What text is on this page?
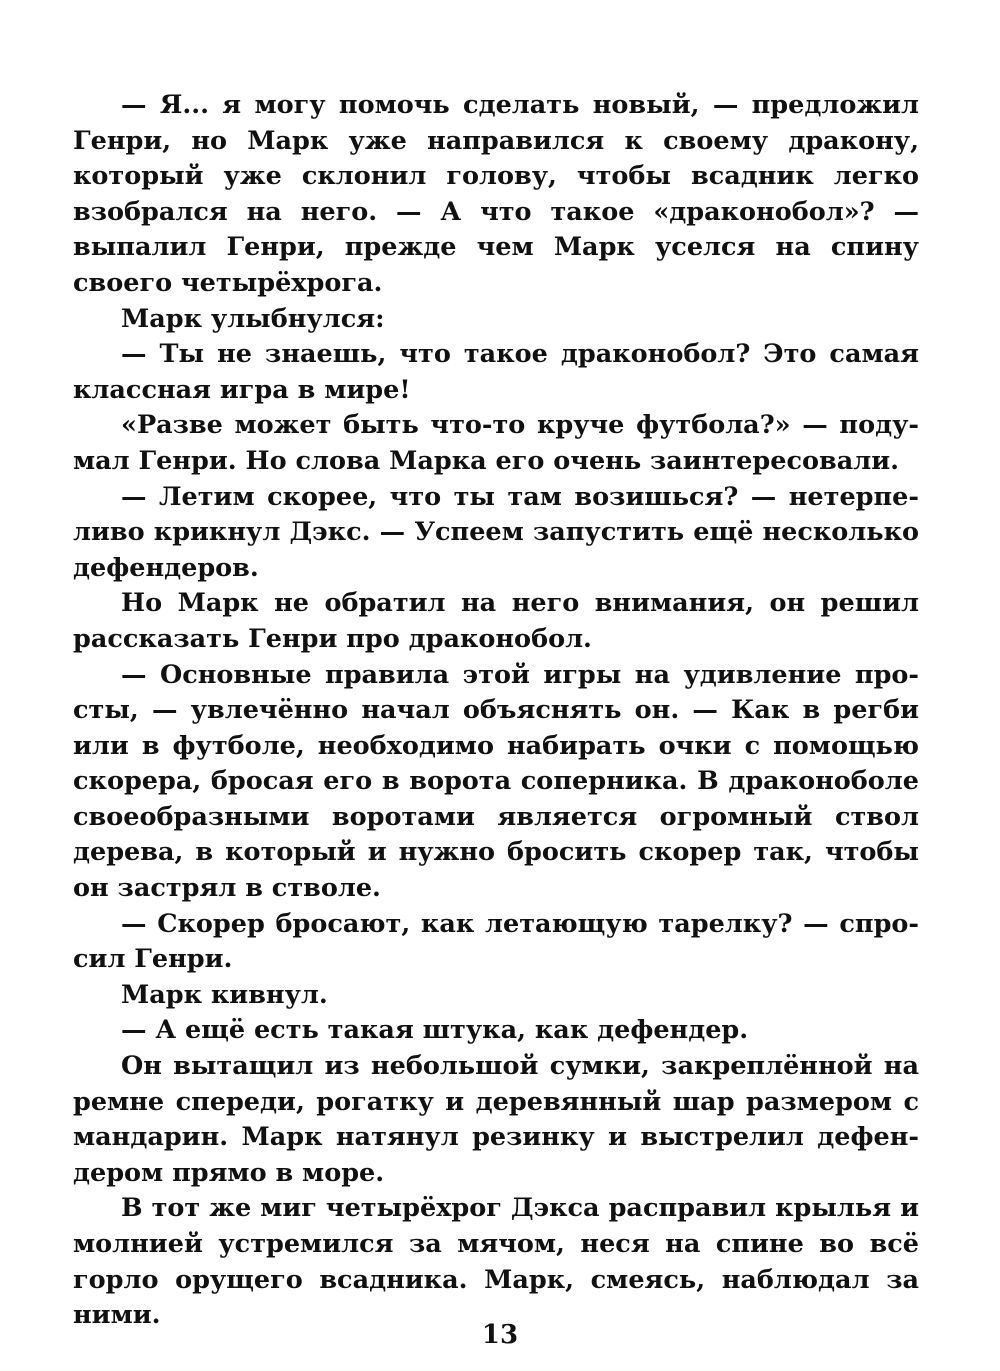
— Я... я могу помочь сделать новый, — предложил Генри, но Марк уже направился к своему дракону, который уже склонил голову, чтобы всадник легко взобрался на него. — А что такое «драконобол»? — выпалил Генри, прежде чем Марк уселся на спину своего четырёхрога.

Марк улыбнулся:

— Ты не знаешь, что такое драконобол? Это самая классная игра в мире!

«Разве может быть что-то круче футбола?» — подумал Генри. Но слова Марка его очень заинтересовали.

— Летим скорее, что ты там возишься? — нетерпеливо крикнул Дэкс. — Успеем запустить ещё несколько дефендеров.

Но Марк не обратил на него внимания, он решил рассказать Генри про драконобол.

— Основные правила этой игры на удивление просты, — увлечённо начал объяснять он. — Как в регби или в футболе, необходимо набирать очки с помощью скорера, бросая его в ворота соперника. В драконоболе своеобразными воротами является огромный ствол дерева, в который и нужно бросить скорер так, чтобы он застрял в стволе.

— Скорер бросают, как летающую тарелку? — спросил Генри.

Марк кивнул.

— А ещё есть такая штука, как дефендер.

Он вытащил из небольшой сумки, закреплённой на ремне спереди, рогатку и деревянный шар размером с мандарин. Марк натянул резинку и выстрелил дефендером прямо в море.

В тот же миг четырёхрог Дэкса расправил крылья и молнией устремился за мячом, неся на спине во всё горло орущего всадника. Марк, смеясь, наблюдал за ними.

13
